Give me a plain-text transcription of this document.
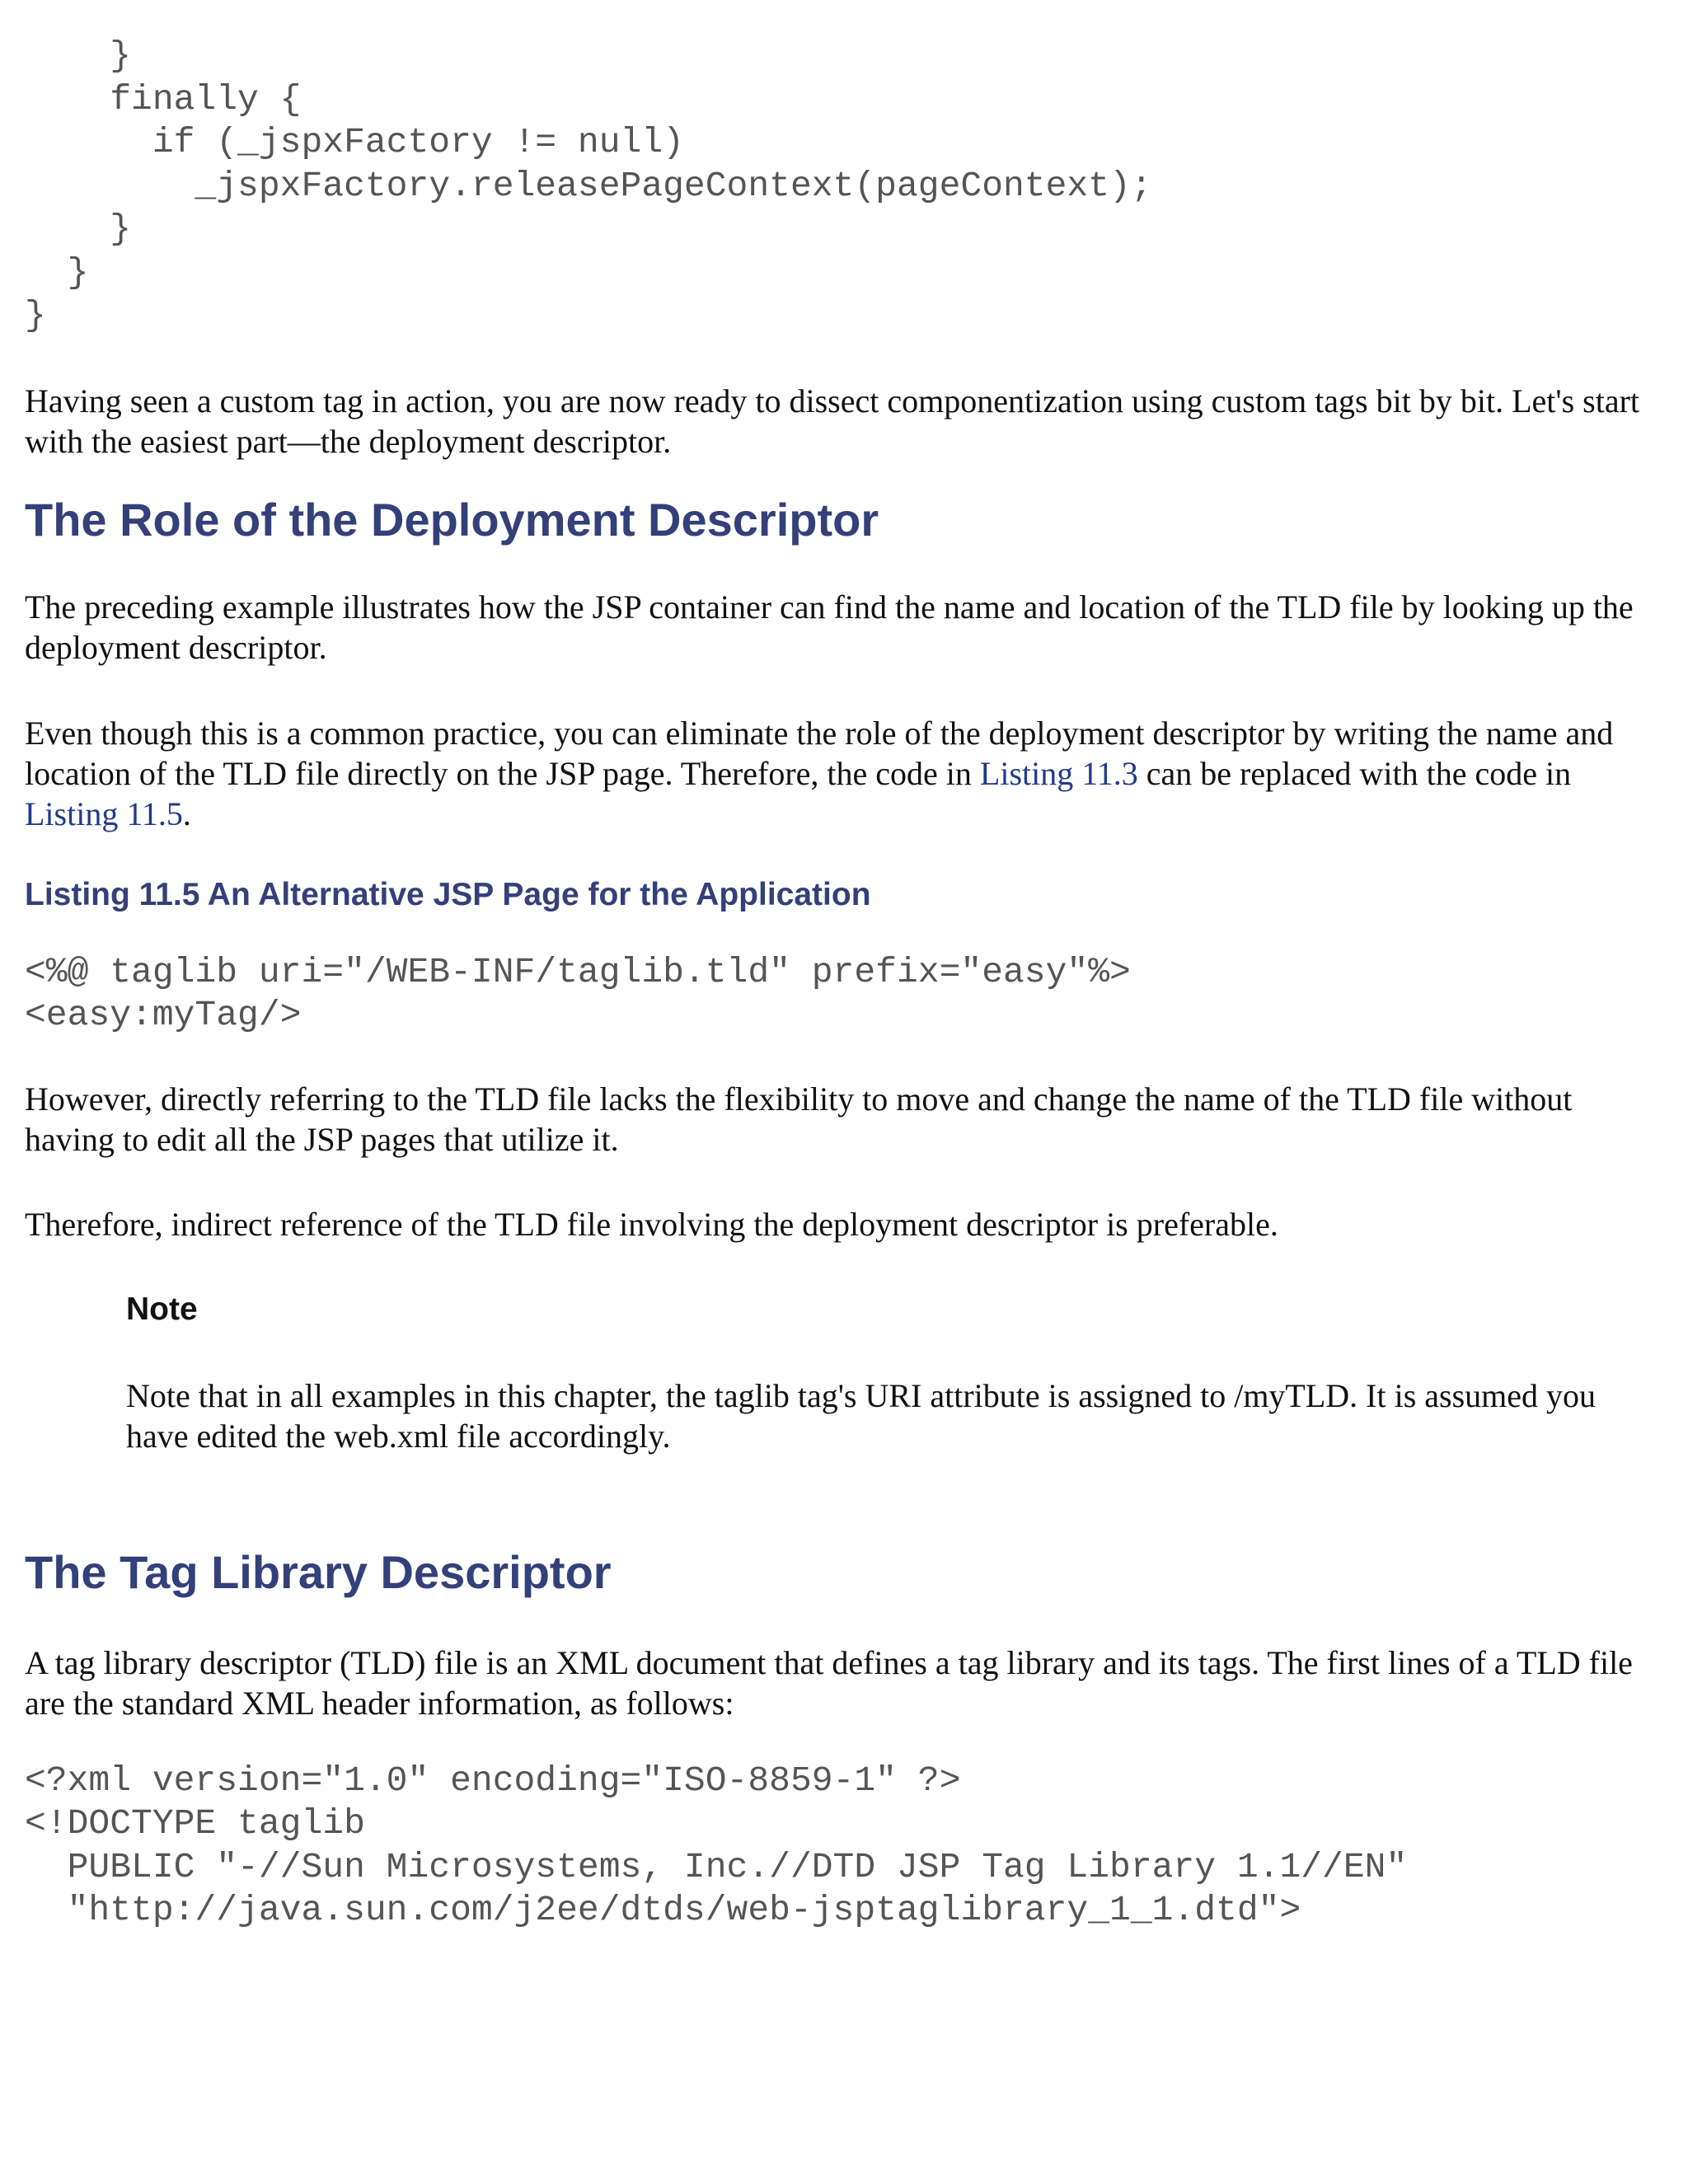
}
finally {
if (_jspxFactory != null)
_jspxFactory.releasePageContext(pageContext);
}
}
}

Having seen a custom tag in action, you are now ready to dissect componentization using custom tags bit by bit. Let's start with the easiest part—the deployment descriptor.

The Role of the Deployment Descriptor

The preceding example illustrates how the JSP container can find the name and location of the TLD file by looking up the deployment descriptor.

Even though this is a common practice, you can eliminate the role of the deployment descriptor by writing the name and location of the TLD file directly on the JSP page. Therefore, the code in Listing 11.3 can be replaced with the code in
Listing 11.5.

Listing 11.5 An Alternative JSP Page for the Application
<%@ taglib uri="/WEB-INF/taglib.tld" prefix="easy"%>
<easy:myTag/>

However, directly referring to the TLD file lacks the flexibility to move and change the name of the TLD file without having to edit all the JSP pages that utilize it.

Therefore, indirect reference of the TLD file involving the deployment descriptor is preferable.

Note

Note that in all examples in this chapter, the taglib tag's URI attribute is assigned to /myTLD. It is assumed you have edited the web.xml file accordingly.

The Tag Library Descriptor

A tag library descriptor (TLD) file is an XML document that defines a tag library and its tags. The first lines of a TLD file are the standard XML header information, as follows:

<?xml version="1.0" encoding="ISO-8859-1" ?>
<!DOCTYPE taglib
PUBLIC "-//Sun Microsystems, Inc.//DTD JSP Tag Library 1.1//EN"
"http://java.sun.com/j2ee/dtds/web-jsptaglibrary_1_1.dtd">
